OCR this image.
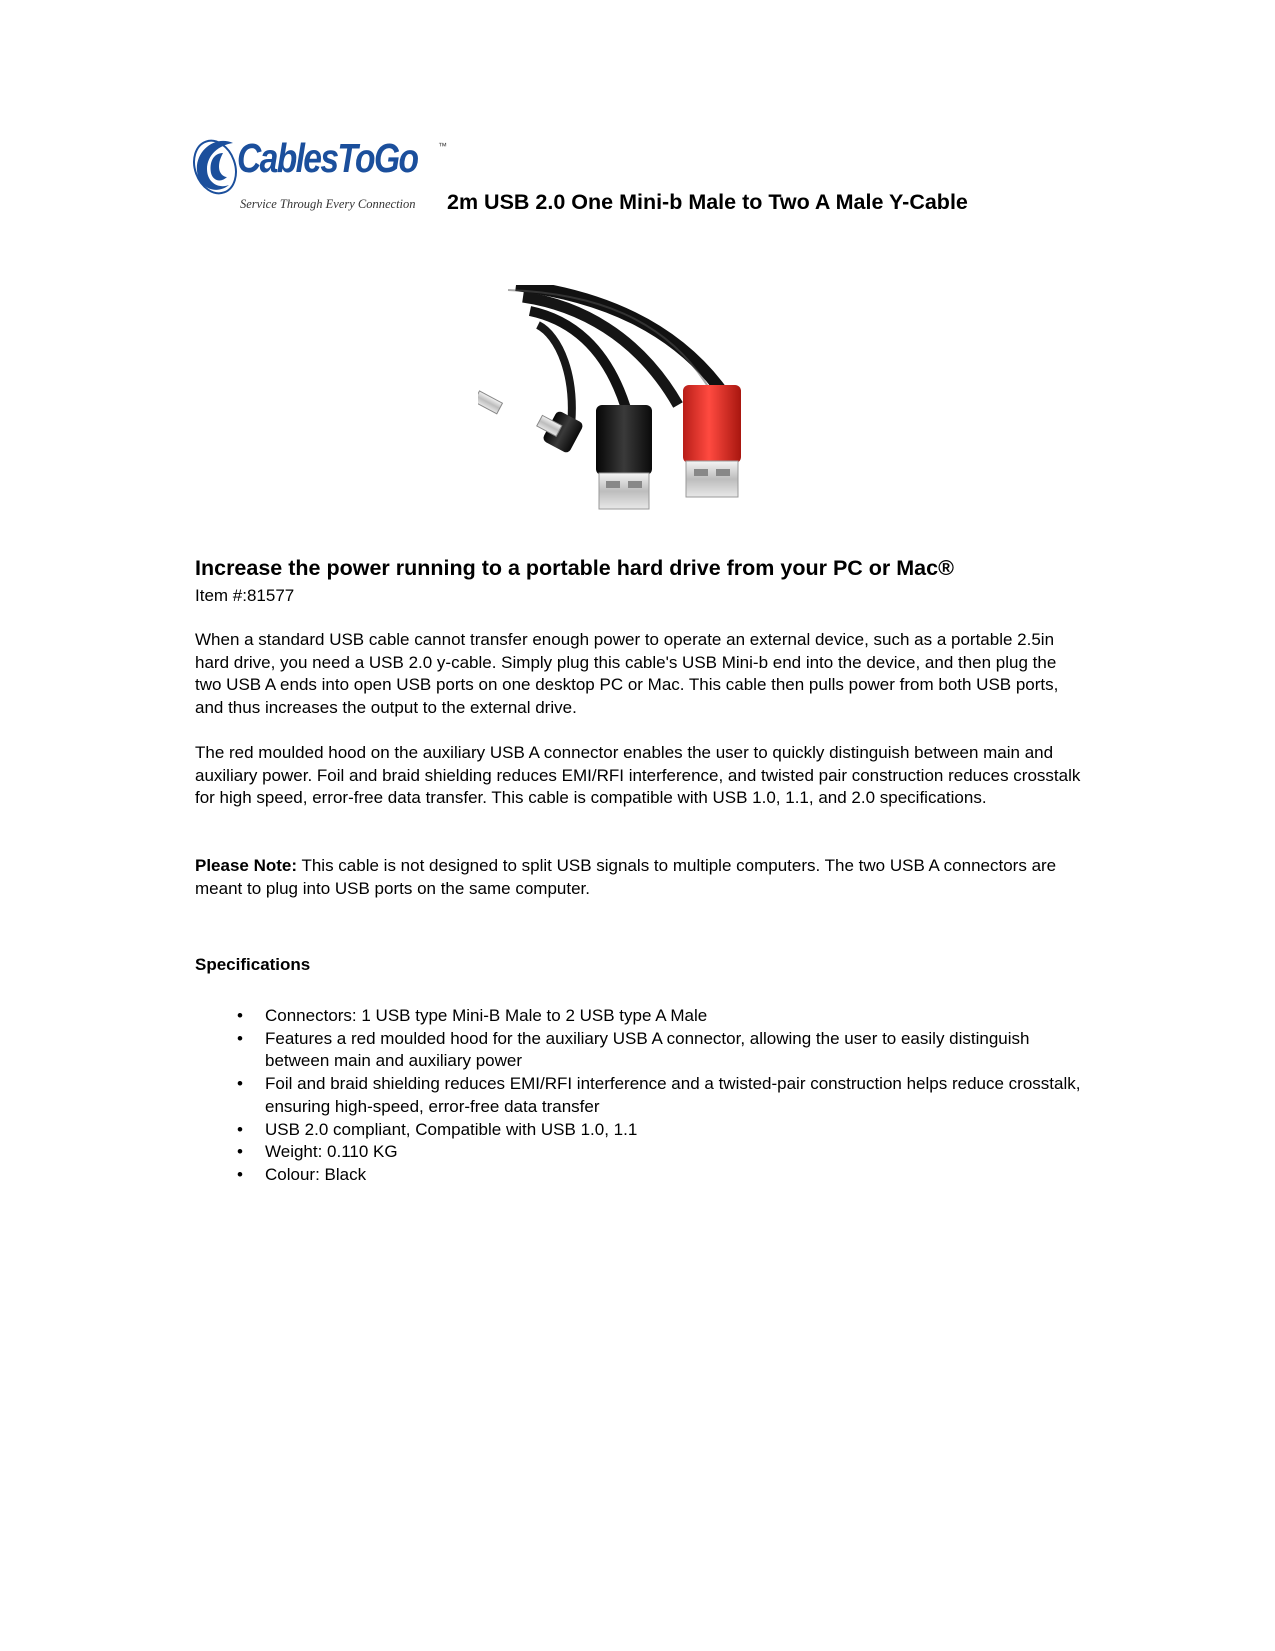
CablesToGo ™
Service Through Every Connection 2m USB 2.0 One Mini-b Male to Two A Male Y-Cable
Increase the power running to a portable hard drive from your PC or Mac®

Item #:81577

When a standard USB cable cannot transfer enough power to operate an external device, such as a portable 2.5in hard drive, you need a USB 2.0 y-cable. Simply plug this cable's USB Mini-b end into the device, and then plug the two USB A ends into open USB ports on one desktop PC or Mac. This cable then pulls power from both USB ports, and thus increases the output to the external drive.

The red moulded hood on the auxiliary USB A connector enables the user to quickly distinguish between main and auxiliary power. Foil and braid shielding reduces EMI/RFI interference, and twisted pair construction reduces crosstalk for high speed, error-free data transfer. This cable is compatible with USB 1.0, 1.1, and 2.0 specifications.

Please Note: This cable is not designed to split USB signals to multiple computers. The two USB A connectors are meant to plug into USB ports on the same computer.

Specifications

• Connectors: 1 USB type Mini-B Male to 2 USB type A Male
• Features a red moulded hood for the auxiliary USB A connector, allowing the user to easily distinguish between main and auxiliary power
• Foil and braid shielding reduces EMI/RFI interference and a twisted-pair construction helps reduce crosstalk, ensuring high-speed, error-free data transfer
• USB 2.0 compliant, Compatible with USB 1.0, 1.1
• Weight: 0.110 KG
• Colour: Black
